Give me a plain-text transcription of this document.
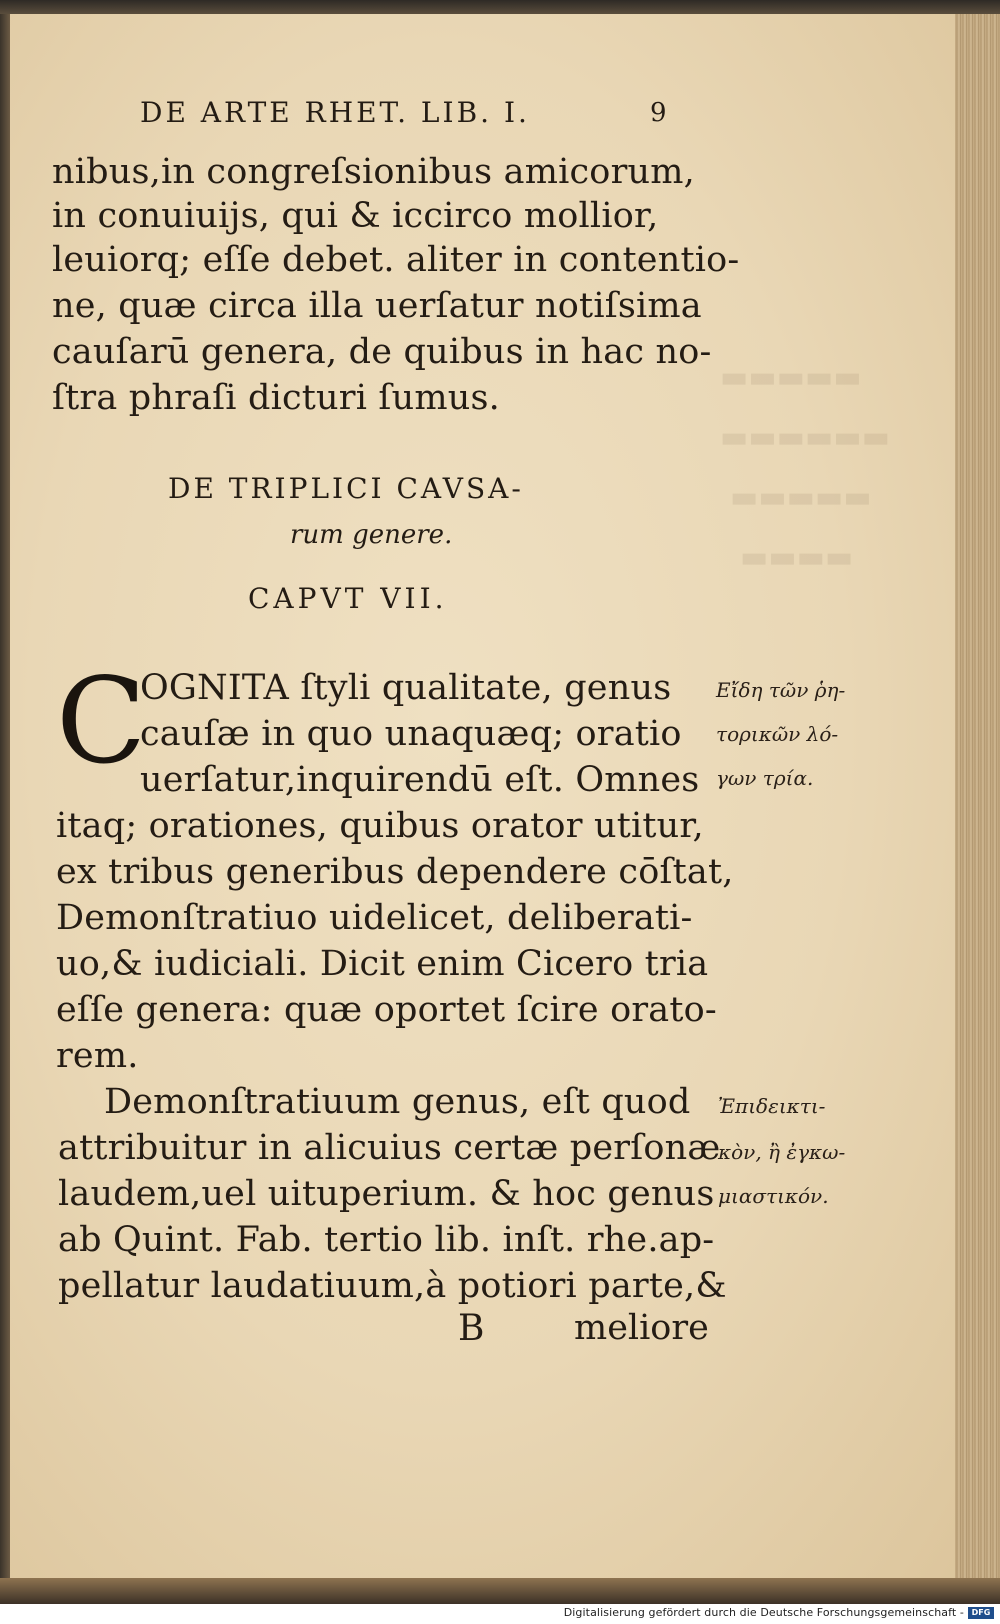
▬▬▬▬▬
▬▬▬▬▬▬
▬▬▬▬▬
▬▬▬▬
DE ARTE RHET. LIB. I.	9
nibus,in congreſsionibus amicorum,
in conuiuijs, qui & iccirco mollior,
leuiorq; eſſe debet. aliter in contentio-
ne, quæ circa illa uerſatur notiſsima
cauſarū genera, de quibus in hac no-
ſtra phraſi dicturi ſumus.
DE TRIPLICI CAVSA-
rum genere.
CAPVT VII.
C
OGNITA ſtyli qualitate, genus
cauſæ in quo unaquæq; oratio
uerſatur,inquirendū eſt. Omnes
itaq; orationes, quibus orator utitur,
ex tribus generibus dependere cōſtat,
Demonſtratiuo uidelicet, deliberati-
uo,& iudiciali. Dicit enim Cicero tria
eſſe genera: quæ oportet ſcire orato-
rem.
Demonſtratiuum genus, eſt quod
attribuitur in alicuius certæ perſonæ
laudem,uel uituperium. & hoc genus
ab Quint. Fab. tertio lib. inſt. rhe.ap-
pellatur laudatiuum,à potiori parte,&
B	meliore
Εἴδη τῶν ῥη-
τορικῶν λό-
γων τρία.
Ἐπιδεικτι-
κὸν, ἢ ἐγκω-
μιαστικόν.
Digitalisierung gefördert durch die Deutsche Forschungsgemeinschaft - DFG
